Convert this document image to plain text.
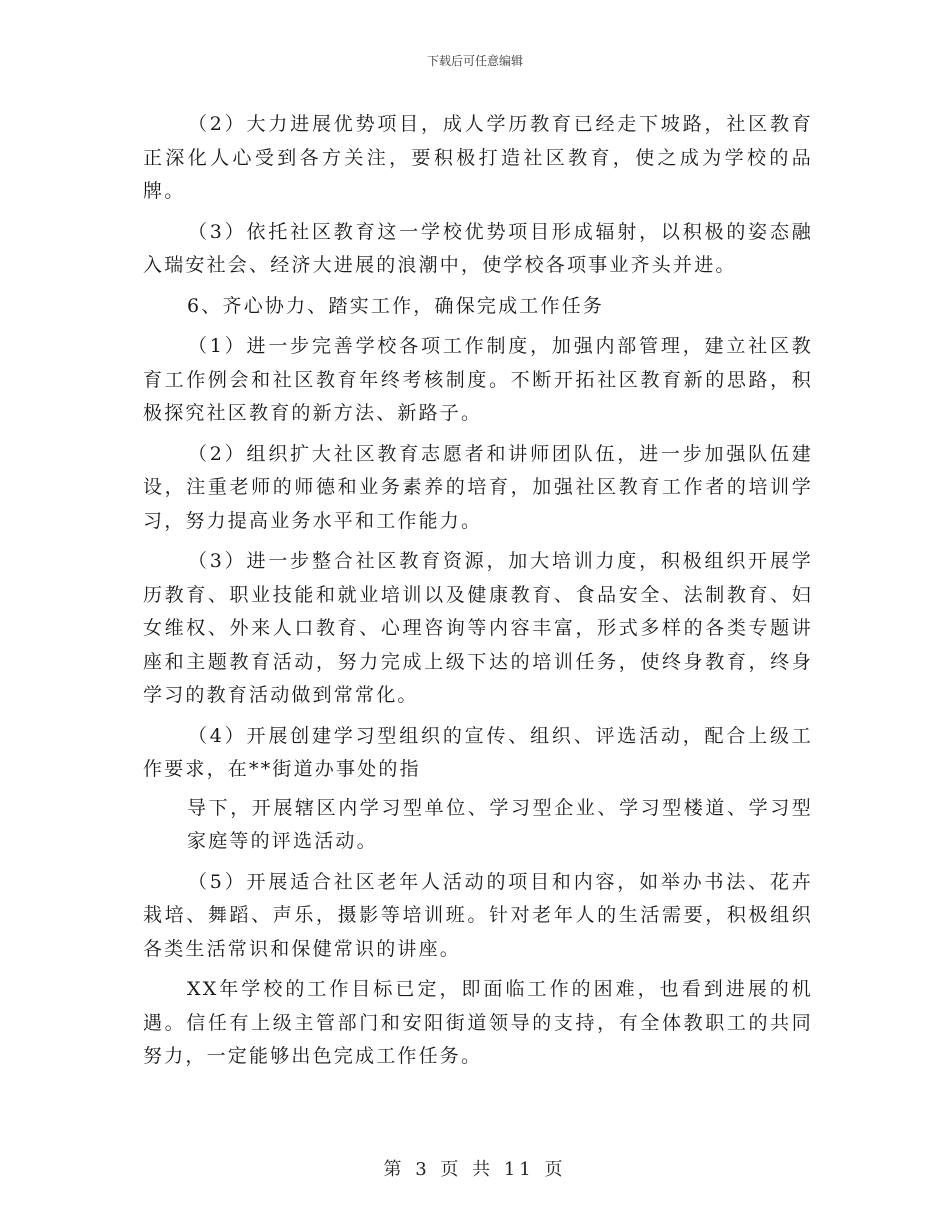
下载后可任意编辑

（2）大力进展优势项目，成人学历教育已经走下坡路，社区教育正深化人心受到各方关注，要积极打造社区教育，使之成为学校的品牌。

（3）依托社区教育这一学校优势项目形成辐射，以积极的姿态融入瑞安社会、经济大进展的浪潮中，使学校各项事业齐头并进。

6、齐心协力、踏实工作，确保完成工作任务

（1）进一步完善学校各项工作制度，加强内部管理，建立社区教育工作例会和社区教育年终考核制度。不断开拓社区教育新的思路，积极探究社区教育的新方法、新路子。

（2）组织扩大社区教育志愿者和讲师团队伍，进一步加强队伍建设，注重老师的师德和业务素养的培育，加强社区教育工作者的培训学习，努力提高业务水平和工作能力。

（3）进一步整合社区教育资源，加大培训力度，积极组织开展学历教育、职业技能和就业培训以及健康教育、食品安全、法制教育、妇女维权、外来人口教育、心理咨询等内容丰富，形式多样的各类专题讲座和主题教育活动，努力完成上级下达的培训任务，使终身教育，终身学习的教育活动做到常常化。

（4）开展创建学习型组织的宣传、组织、评选活动，配合上级工作要求，在**街道办事处的指

导下，开展辖区内学习型单位、学习型企业、学习型楼道、学习型家庭等的评选活动。

（5）开展适合社区老年人活动的项目和内容，如举办书法、花卉栽培、舞蹈、声乐，摄影等培训班。针对老年人的生活需要，积极组织各类生活常识和保健常识的讲座。

XX年学校的工作目标已定，即面临工作的困难，也看到进展的机遇。信任有上级主管部门和安阳街道领导的支持，有全体教职工的共同努力，一定能够出色完成工作任务。

第 3 页 共 11 页
